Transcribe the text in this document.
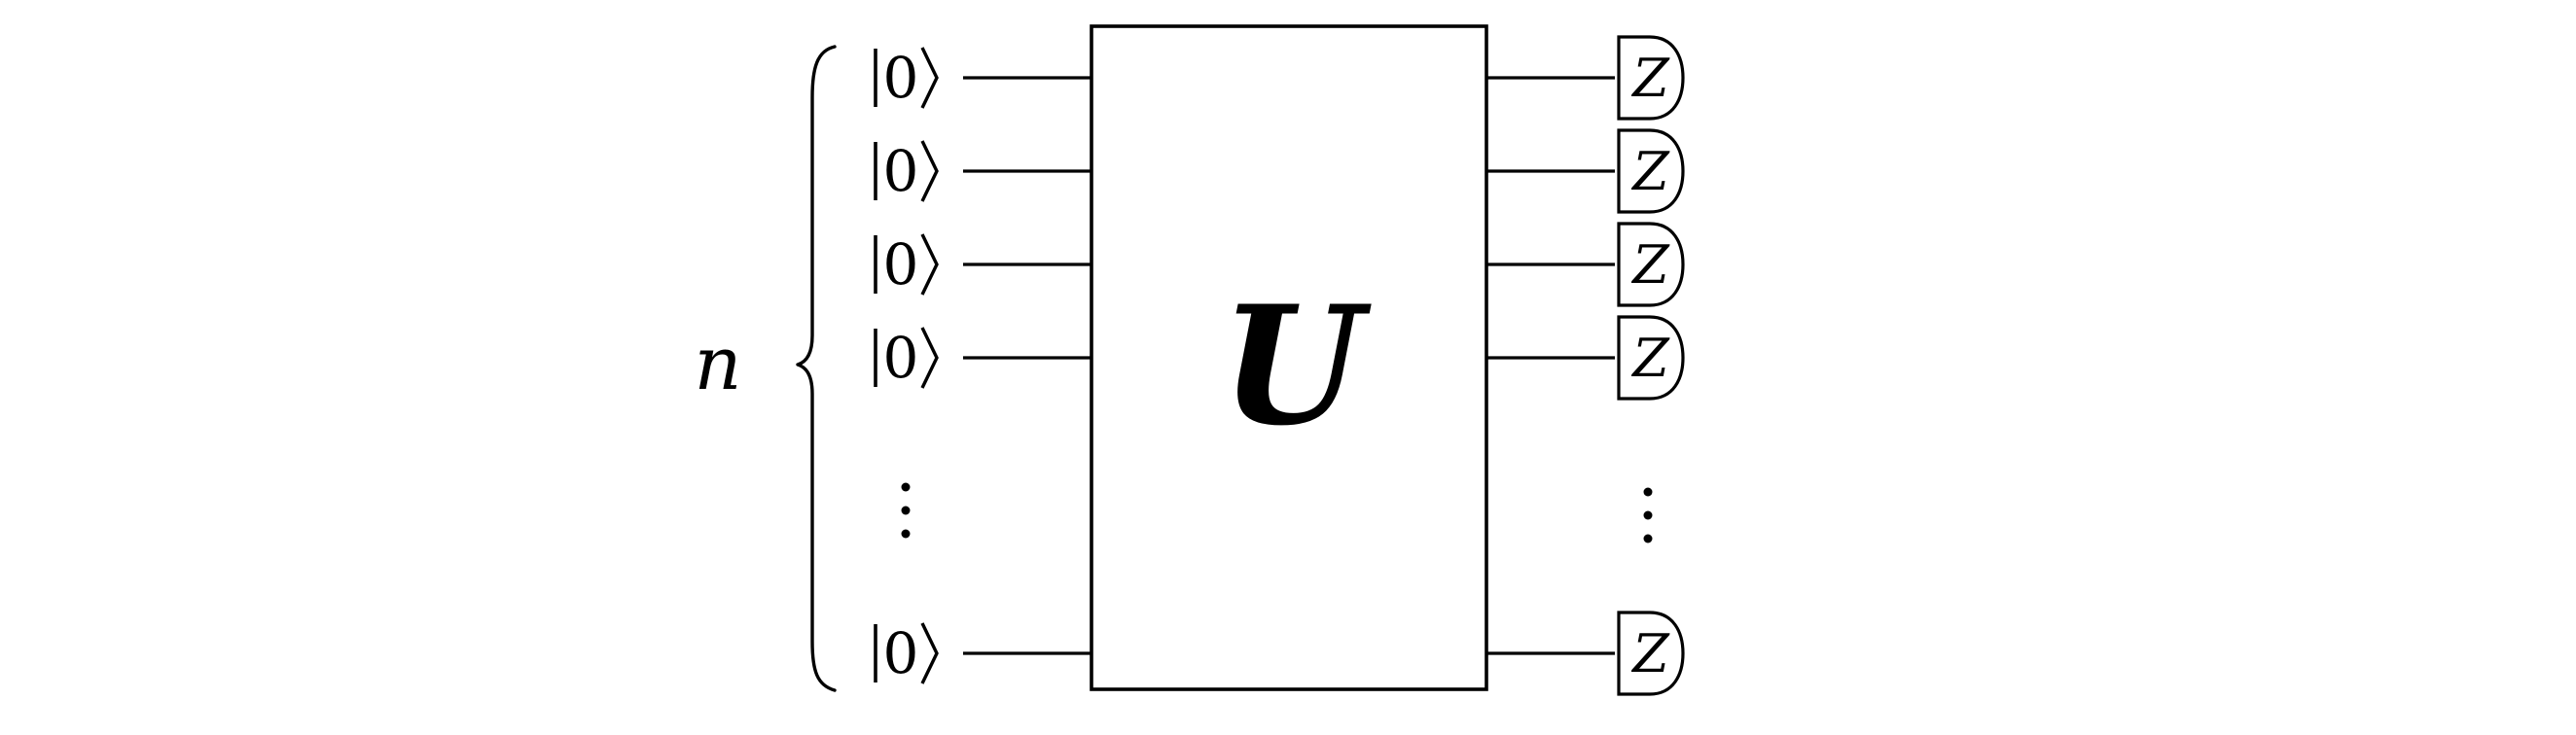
n	U
0
0
0
0
0
Z
Z
Z
Z
Z
